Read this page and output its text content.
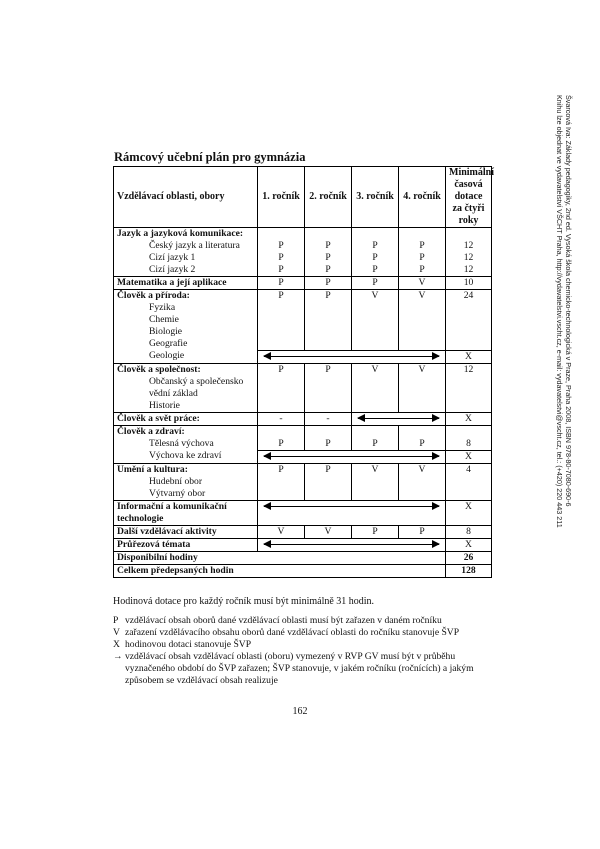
Rámcový učební plán pro gymnázia
Vzdělávací oblasti, obory	1. ročník	2. ročník	3. ročník	4. ročník	Minimální časová dotace za čtyři roky
Jazyk a jazyková komunikace:					
Český jazyk a literatura	P	P	P	P	12
Cizí jazyk 1	P	P	P	P	12
Cizí jazyk 2	P	P	P	P	12
Matematika a její aplikace	P	P	P	V	10
Člověk a příroda:	P	P	V	V	24
Fyzika					
Chemie					
Biologie					
Geografie					
Geologie					X
Člověk a společnost:	P	P	V	V	12
Občanský a společensko					
vědní základ					
Historie					
Člověk a svět práce:	-	-			X
Člověk a zdraví:					
Tělesná výchova	P	P	P	P	8
Výchova ke zdraví					X
Umění a kultura:	P	P	V	V	4
Hudební obor					
Výtvarný obor					
Informační a komunikační					X
technologie					
Další vzdělávací aktivity	V	V	P	P	8
Průřezová témata					X
Disponibilní hodiny					26
Celkem předepsaných hodin					128

Hodinová dotace pro každý ročník musí být minimálně 31 hodin.

P vzdělávací obsah oborů dané vzdělávací oblasti musí být zařazen v daném ročníku
V zařazení vzdělávacího obsahu oborů dané vzdělávací oblasti do ročníku stanovuje ŠVP
X hodinovou dotaci stanovuje ŠVP
→ vzdělávací obsah vzdělávací oblasti (oboru) vymezený v RVP GV musí být v průběhu vyznačeného období do ŠVP zařazen; ŠVP stanovuje, v jakém ročníku (ročnících) a jakým způsobem se vzdělávací obsah realizuje
162
Švarcová Iva: Základy pedagogiky, 2nd ed. Vysoká škola chemicko-technologická v Praze, Praha 2008, ISBN 978-80-7080-690-6
Knihu lze objednat ve vydavatelství VŠCHT Praha, http://vydavatelstvi.vscht.cz, e-mail: vydavatelstvi@vscht.cz, tel.: (+420) 220 443 211
